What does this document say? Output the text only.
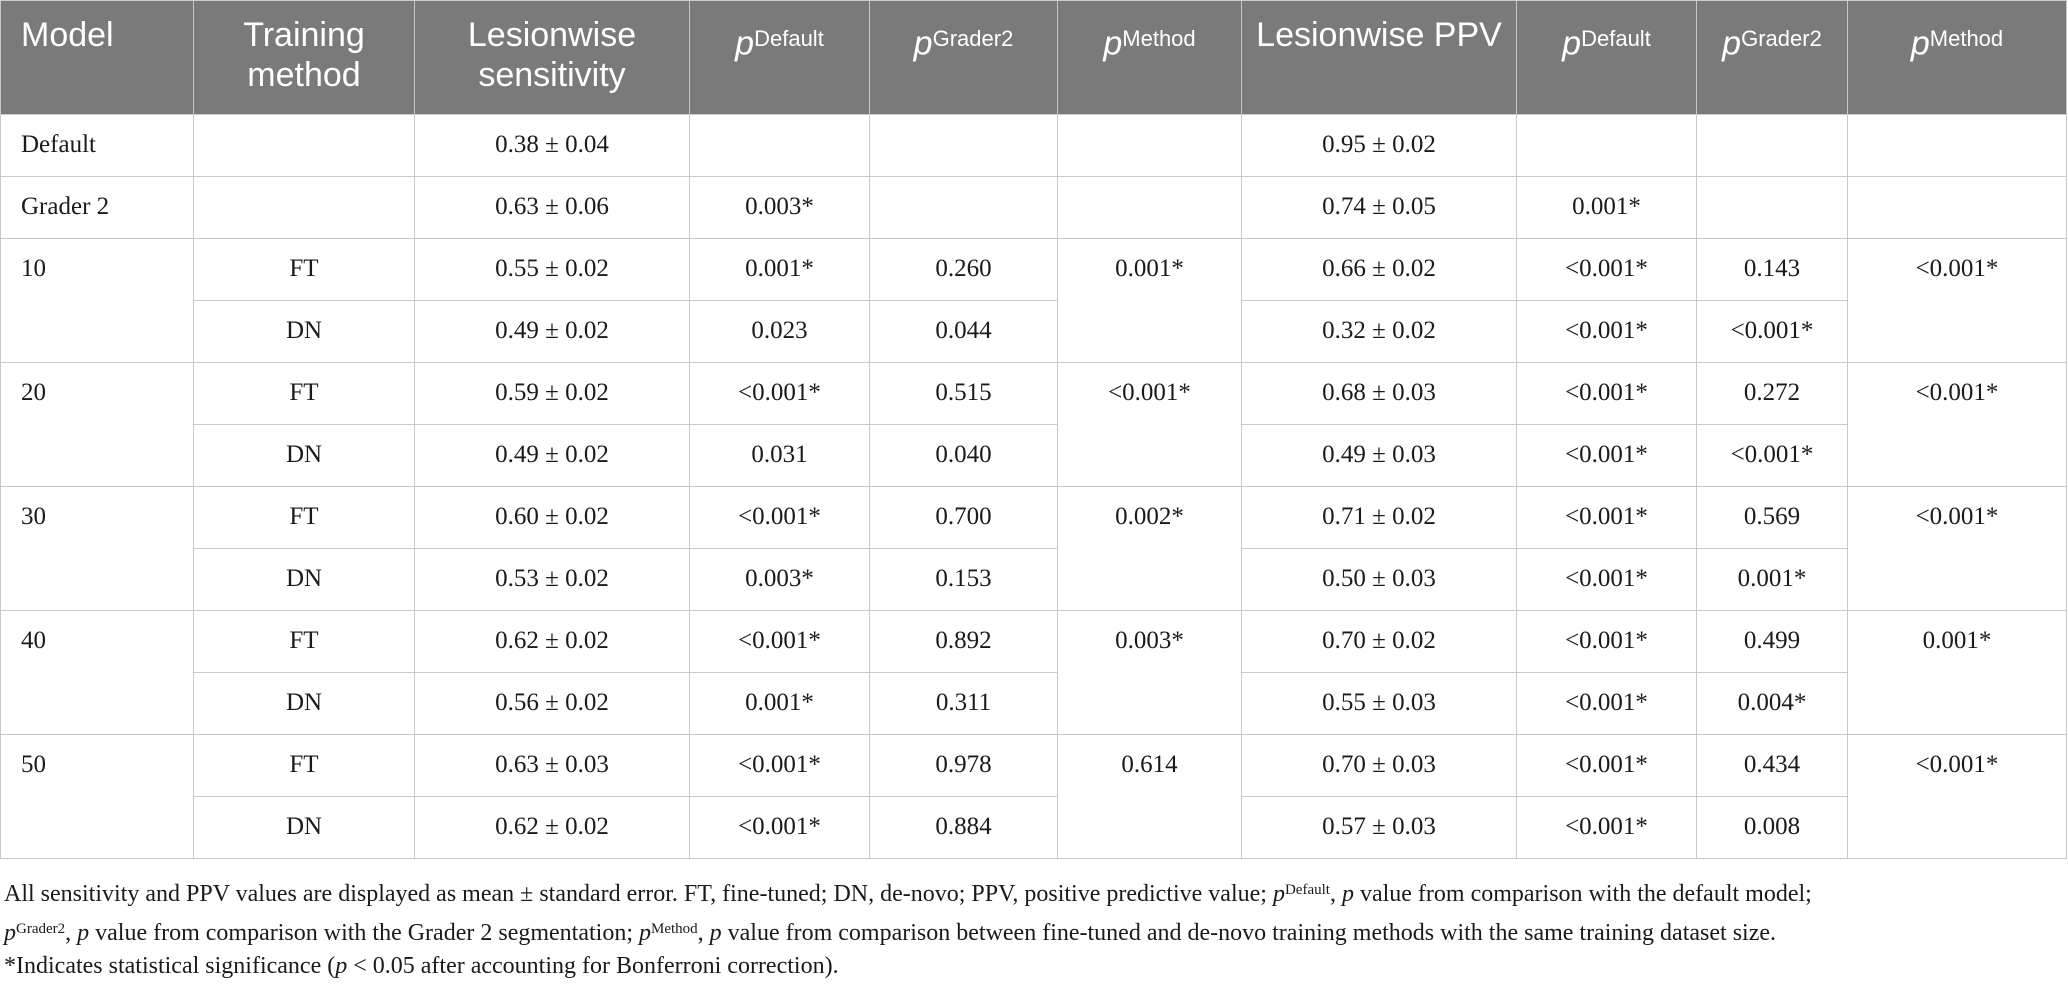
Model	Training method	Lesionwise sensitivity	$p^{Default}$	$p^{Grader2}$	$p^{Method}$	Lesionwise PPV	$p^{Default}$	$p^{Grader2}$	$p^{Method}$
Default		0.38 ± 0.04				0.95 ± 0.02			
Grader 2		0.63 ± 0.06	0.003*			0.74 ± 0.05	0.001*		
10	FT	0.55 ± 0.02	0.001*	0.260	0.001*	0.66 ± 0.02	<0.001*	0.143	<0.001*
	DN	0.49 ± 0.02	0.023	0.044		0.32 ± 0.02	<0.001*	<0.001*	
20	FT	0.59 ± 0.02	<0.001*	0.515	<0.001*	0.68 ± 0.03	<0.001*	0.272	<0.001*
	DN	0.49 ± 0.02	0.031	0.040		0.49 ± 0.03	<0.001*	<0.001*	
30	FT	0.60 ± 0.02	<0.001*	0.700	0.002*	0.71 ± 0.02	<0.001*	0.569	<0.001*
	DN	0.53 ± 0.02	0.003*	0.153		0.50 ± 0.03	<0.001*	0.001*	
40	FT	0.62 ± 0.02	<0.001*	0.892	0.003*	0.70 ± 0.02	<0.001*	0.499	0.001*
	DN	0.56 ± 0.02	0.001*	0.311		0.55 ± 0.03	<0.001*	0.004*	
50	FT	0.63 ± 0.03	<0.001*	0.978	0.614	0.70 ± 0.03	<0.001*	0.434	<0.001*
	DN	0.62 ± 0.02	<0.001*	0.884		0.57 ± 0.03	<0.001*	0.008	

All sensitivity and PPV values are displayed as mean ± standard error. FT, fine-tuned; DN, de-novo; PPV, positive predictive value; $p^{Default}$, p value from comparison with the default model;

$p^{Grader2}$, p value from comparison with the Grader 2 segmentation; $p^{Method}$, p value from comparison between fine-tuned and de-novo training methods with the same training dataset size.

*Indicates statistical significance (p < 0.05 after accounting for Bonferroni correction).
